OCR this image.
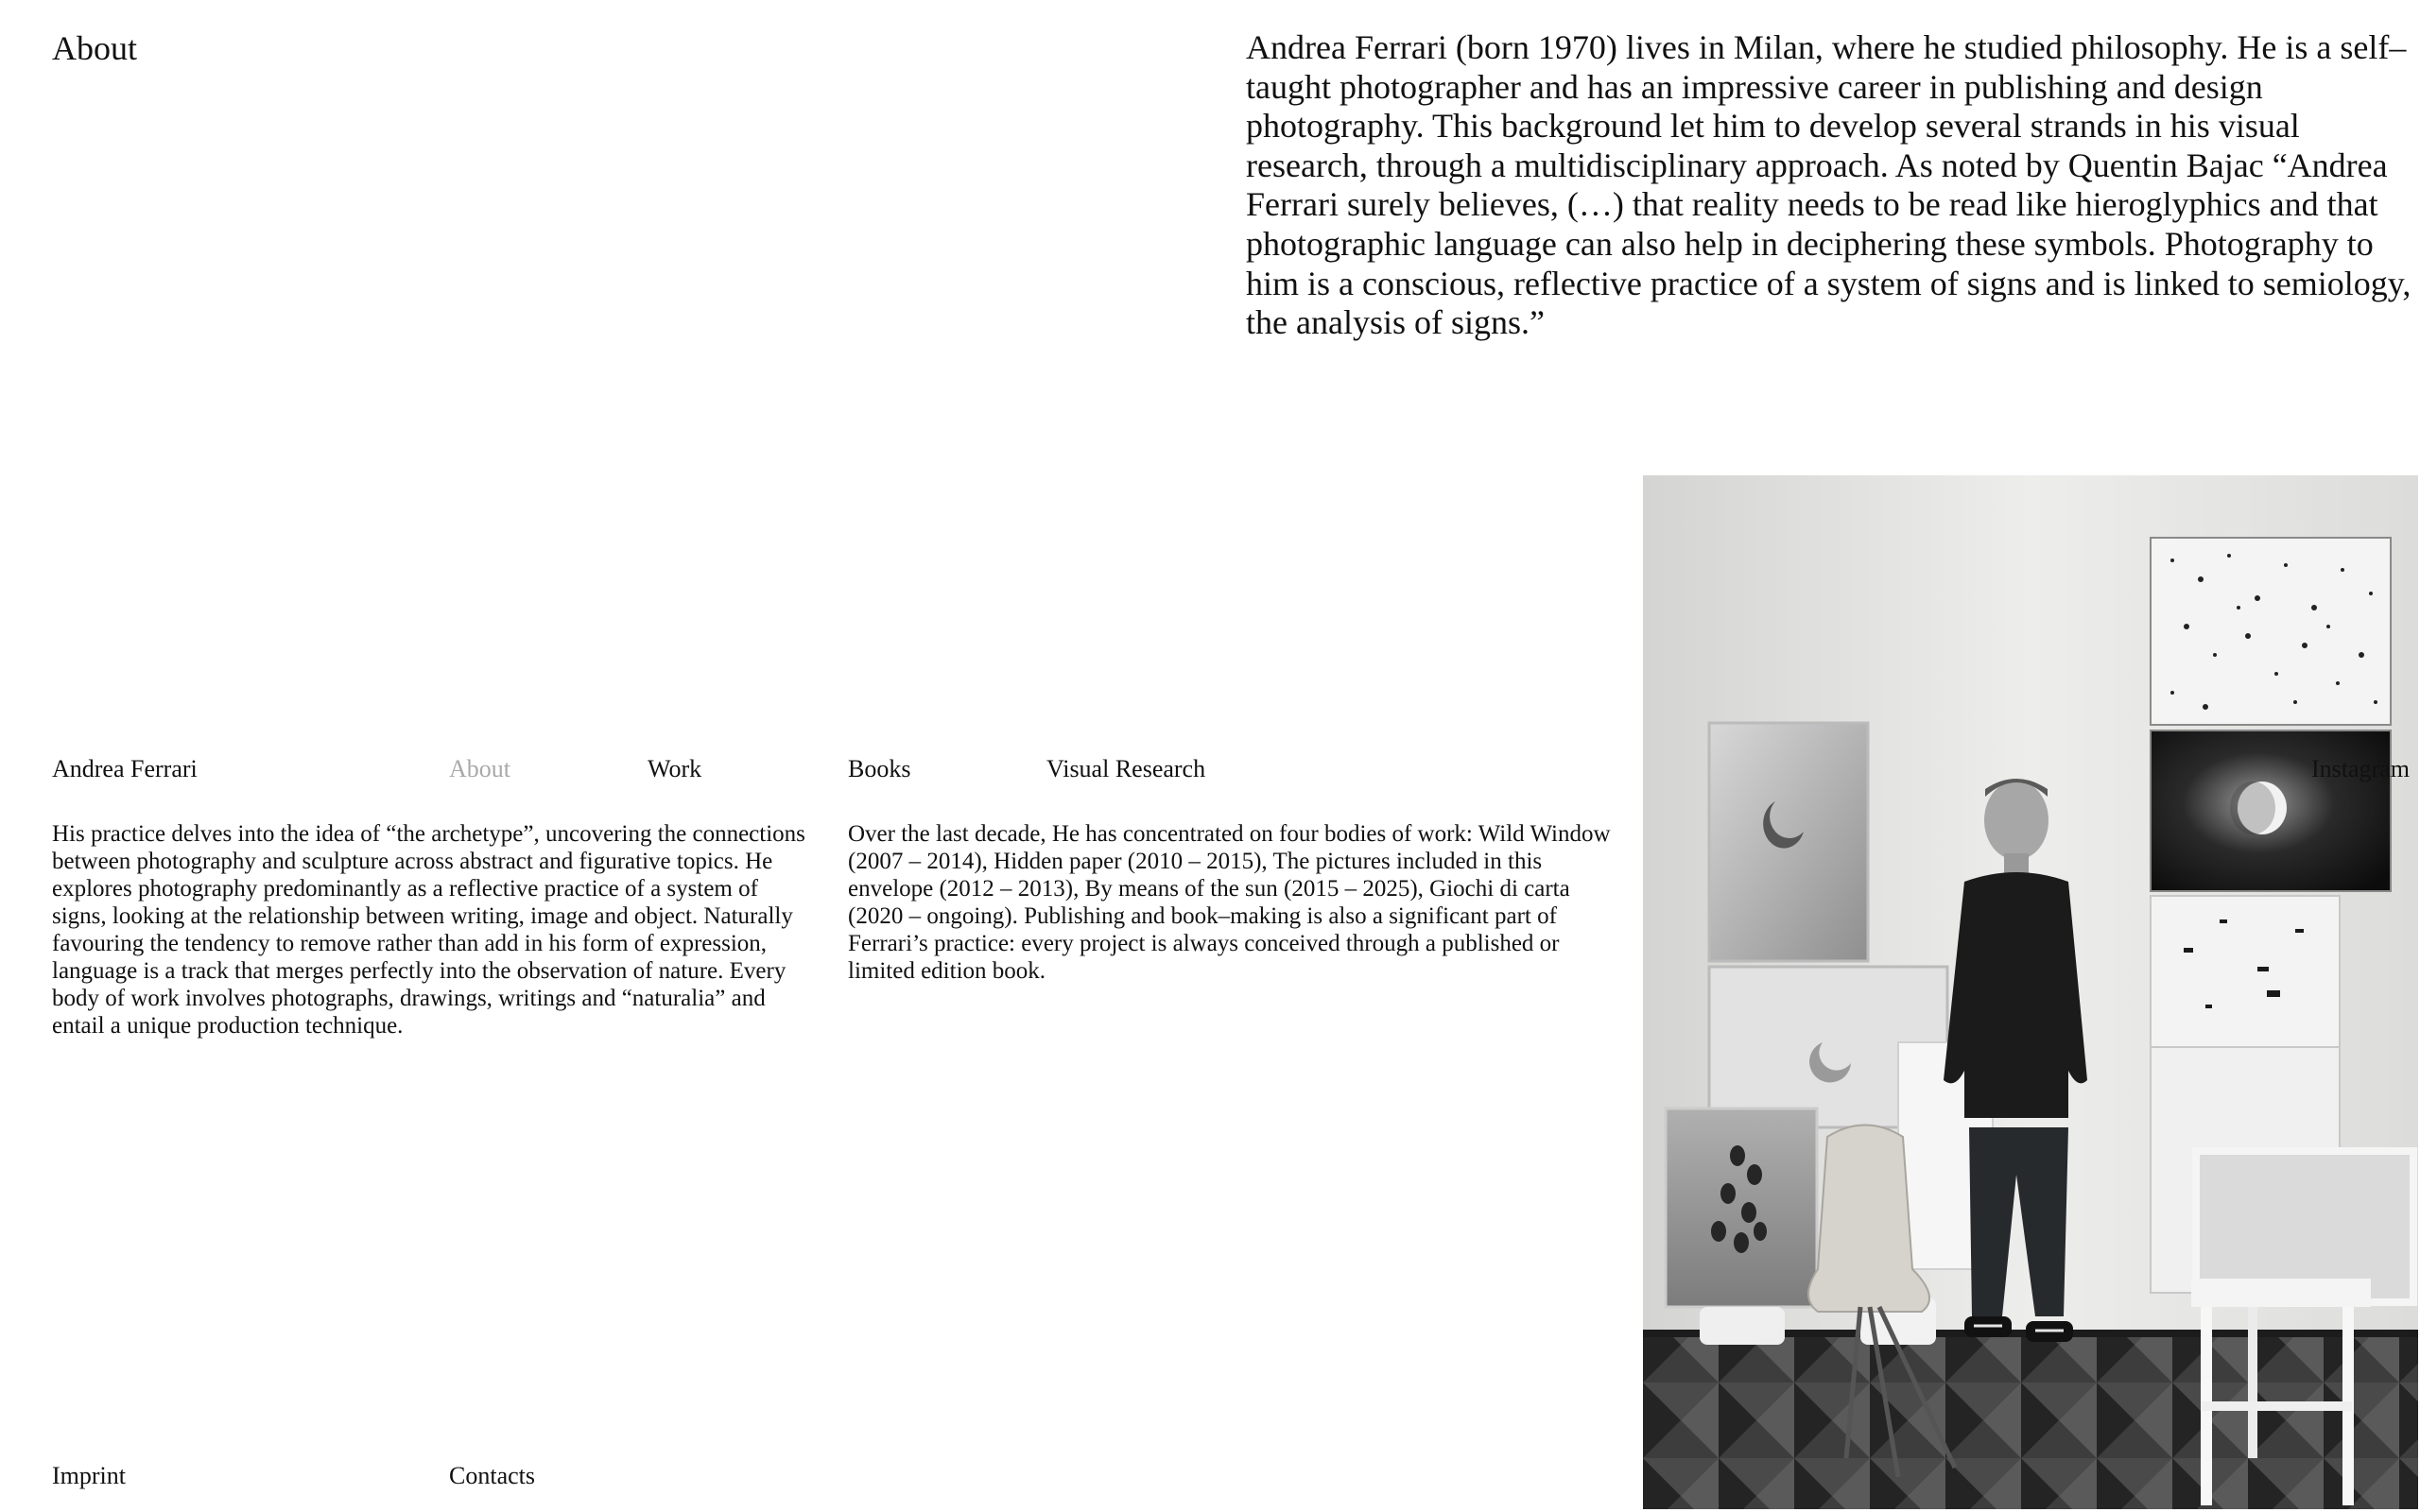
About	Andrea Ferrari (born 1970) lives in Milan, where he studied philosophy. He is a self–taught photographer and has an impressive career in publishing and design photography. This background let him to develop several strands in his visual research, through a multidisciplinary approach. As noted by Quentin Bajac “Andrea Ferrari surely believes, (…) that reality needs to be read like hieroglyphics and that photographic language can also help in deciphering these symbols. Photography to him is a conscious, reflective practice of a system of signs and is linked to semiology, the analysis of signs.”

Andrea Ferrari	About	Work	Books	Visual Research

His practice delves into the idea of “the archetype”, uncovering the connections between photography and sculpture across abstract and figurative topics. He explores photography predominantly as a reflective practice of a system of signs, looking at the relationship between writing, image and object. Naturally favouring the tendency to remove rather than add in his form of expression, language is a track that merges perfectly into the observation of nature. Every body of work involves photographs, drawings, writings and “naturalia” and entail a unique production technique.

Over the last decade, He has concentrated on four bodies of work: Wild Window (2007 – 2014), Hidden paper (2010 – 2015), The pictures included in this envelope (2012 – 2013), By means of the sun (2015 – 2025), Giochi di carta (2020 – ongoing). Publishing and book–making is also a significant part of Ferrari’s practice: every project is always conceived through a published or limited edition book.

Imprint	Contacts
Instagram
